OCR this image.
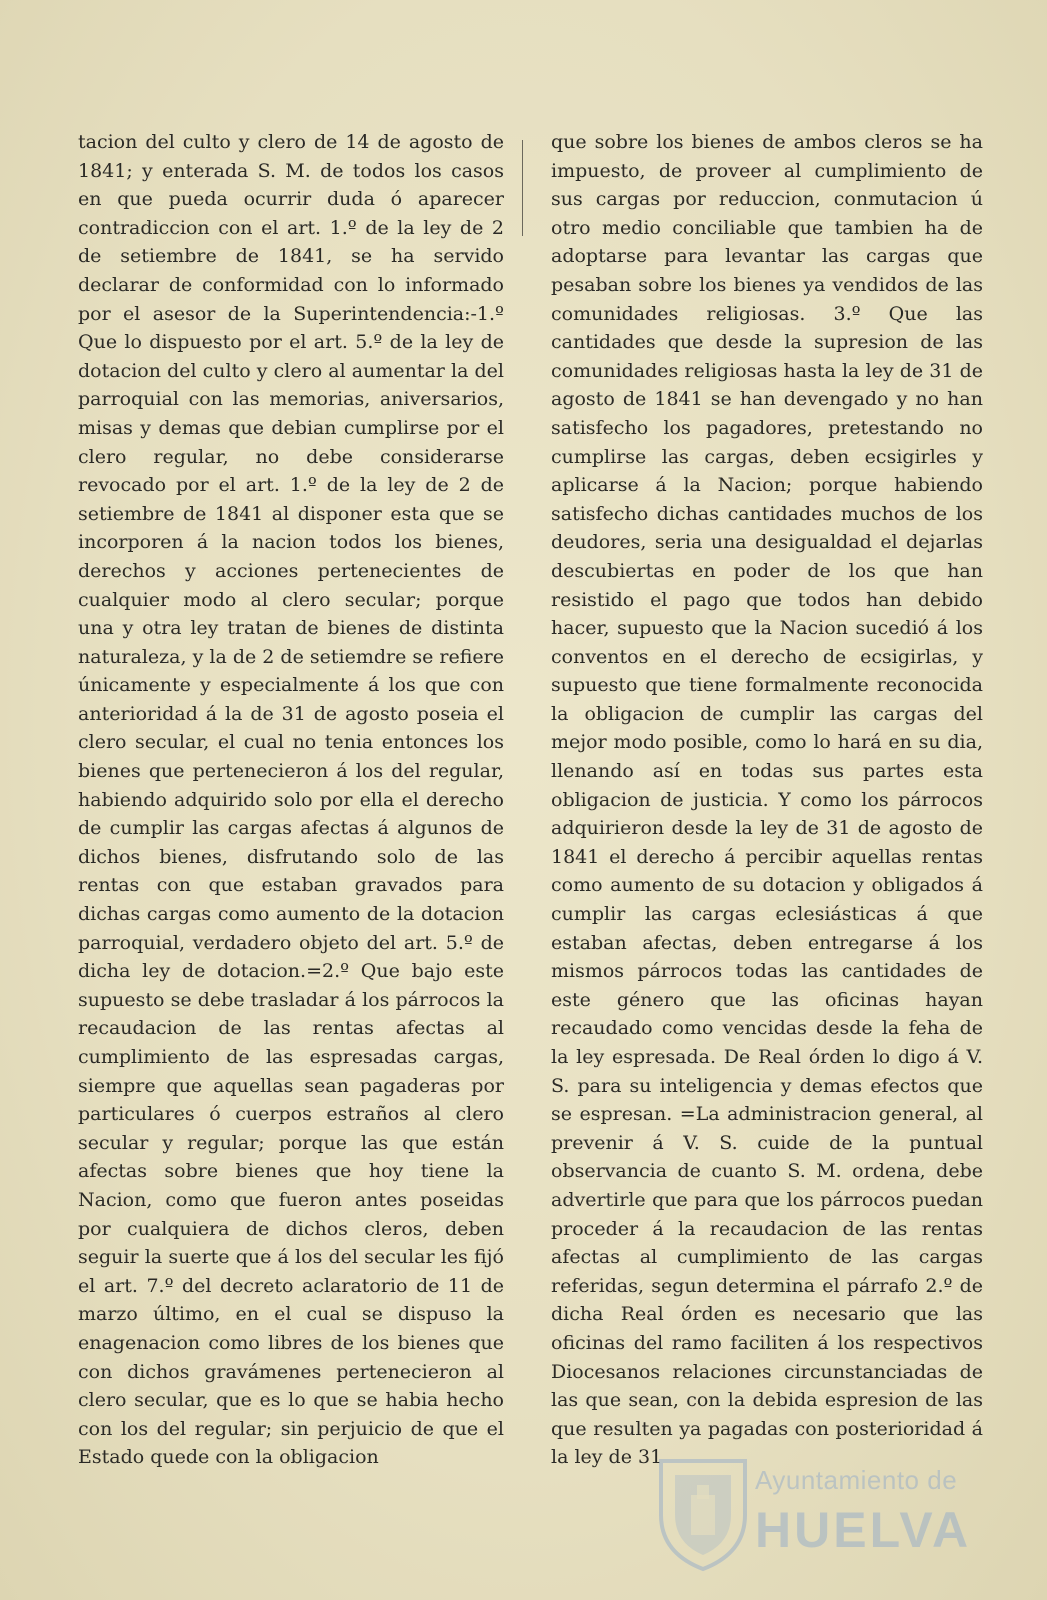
tacion del culto y clero de 14 de agosto de 1841; y enterada S. M. de todos los casos en que pueda ocurrir duda ó aparecer contradiccion con el art. 1.º de la ley de 2 de setiembre de 1841, se ha servido declarar de conformidad con lo informado por el asesor de la Superintendencia:-1.º Que lo dispuesto por el art. 5.º de la ley de dotacion del culto y clero al aumentar la del parroquial con las memorias, aniversarios, misas y demas que debian cumplirse por el clero regular, no debe considerarse revocado por el art. 1.º de la ley de 2 de setiembre de 1841 al disponer esta que se incorporen á la nacion todos los bienes, derechos y acciones pertenecientes de cualquier modo al clero secular; porque una y otra ley tratan de bienes de distinta naturaleza, y la de 2 de setiemdre se refiere únicamente y especialmente á los que con anterioridad á la de 31 de agosto poseia el clero secular, el cual no tenia entonces los bienes que pertenecieron á los del regular, habiendo adquirido solo por ella el derecho de cumplir las cargas afectas á algunos de dichos bienes, disfrutando solo de las rentas con que estaban gravados para dichas cargas como aumento de la dotacion parroquial, verdadero objeto del art. 5.º de dicha ley de dotacion.=2.º Que bajo este supuesto se debe trasladar á los párrocos la recaudacion de las rentas afectas al cumplimiento de las espresadas cargas, siempre que aquellas sean pagaderas por particulares ó cuerpos estraños al clero secular y regular; porque las que están afectas sobre bienes que hoy tiene la Nacion, como que fueron antes poseidas por cualquiera de dichos cleros, deben seguir la suerte que á los del secular les fijó el art. 7.º del decreto aclaratorio de 11 de marzo último, en el cual se dispuso la enagenacion como libres de los bienes que con dichos gravámenes pertenecieron al clero secular, que es lo que se habia hecho con los del regular; sin perjuicio de que el Estado quede con la obligacion

que sobre los bienes de ambos cleros se ha impuesto, de proveer al cumplimiento de sus cargas por reduccion, conmutacion ú otro medio conciliable que tambien ha de adoptarse para levantar las cargas que pesaban sobre los bienes ya vendidos de las comunidades religiosas. 3.º Que las cantidades que desde la supresion de las comunidades religiosas hasta la ley de 31 de agosto de 1841 se han devengado y no han satisfecho los pagadores, pretestando no cumplirse las cargas, deben ecsigirles y aplicarse á la Nacion; porque habiendo satisfecho dichas cantidades muchos de los deudores, seria una desigualdad el dejarlas descubiertas en poder de los que han resistido el pago que todos han debido hacer, supuesto que la Nacion sucedió á los conventos en el derecho de ecsigirlas, y supuesto que tiene formalmente reconocida la obligacion de cumplir las cargas del mejor modo posible, como lo hará en su dia, llenando así en todas sus partes esta obligacion de justicia. Y como los párrocos adquirieron desde la ley de 31 de agosto de 1841 el derecho á percibir aquellas rentas como aumento de su dotacion y obligados á cumplir las cargas eclesiásticas á que estaban afectas, deben entregarse á los mismos párrocos todas las cantidades de este género que las oficinas hayan recaudado como vencidas desde la feha de la ley espresada. De Real órden lo digo á V. S. para su inteligencia y demas efectos que se espresan. =La administracion general, al prevenir á V. S. cuide de la puntual observancia de cuanto S. M. ordena, debe advertirle que para que los párrocos puedan proceder á la recaudacion de las rentas afectas al cumplimiento de las cargas referidas, segun determina el párrafo 2.º de dicha Real órden es necesario que las oficinas del ramo faciliten á los respectivos Diocesanos relaciones circunstanciadas de las que sean, con la debida espresion de las que resulten ya pagadas con posterioridad á la ley de 31

Ayuntamiento de
HUELVA
